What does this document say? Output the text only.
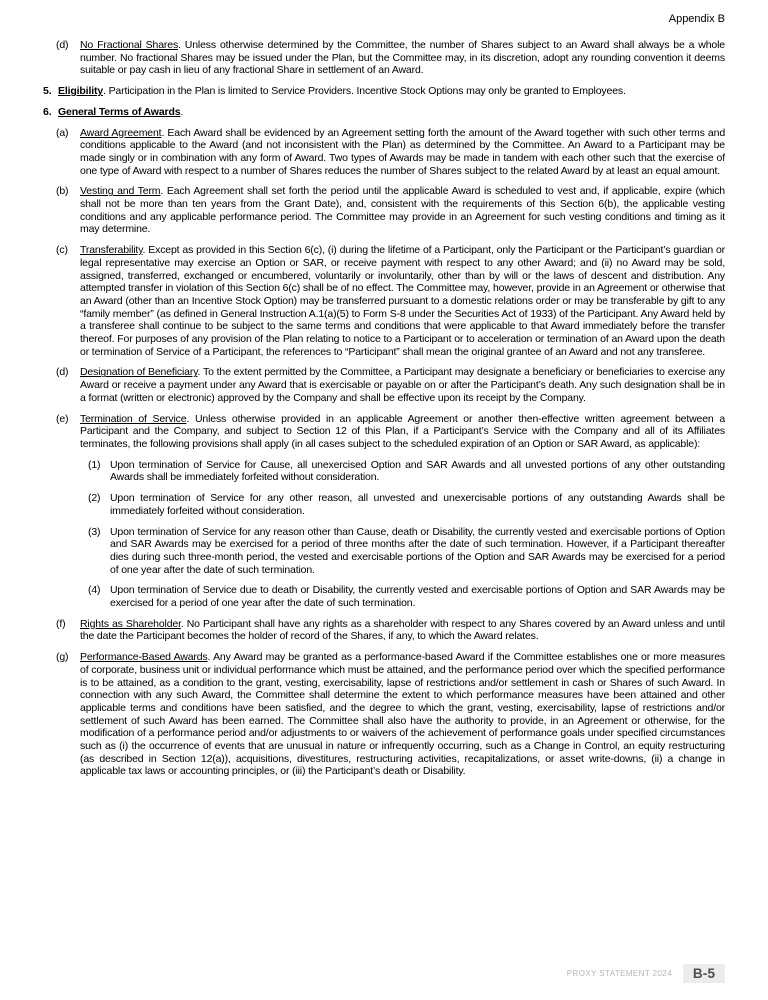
Appendix B
(d)	No Fractional Shares. Unless otherwise determined by the Committee, the number of Shares subject to an Award shall always be a whole number. No fractional Shares may be issued under the Plan, but the Committee may, in its discretion, adopt any rounding convention it deems suitable or pay cash in lieu of any fractional Share in settlement of an Award.
5. Eligibility. Participation in the Plan is limited to Service Providers. Incentive Stock Options may only be granted to Employees.
6. General Terms of Awards.
(a)	Award Agreement. Each Award shall be evidenced by an Agreement setting forth the amount of the Award together with such other terms and conditions applicable to the Award (and not inconsistent with the Plan) as determined by the Committee. An Award to a Participant may be made singly or in combination with any form of Award. Two types of Awards may be made in tandem with each other such that the exercise of one type of Award with respect to a number of Shares reduces the number of Shares subject to the related Award by at least an equal amount.
(b)	Vesting and Term. Each Agreement shall set forth the period until the applicable Award is scheduled to vest and, if applicable, expire (which shall not be more than ten years from the Grant Date), and, consistent with the requirements of this Section 6(b), the applicable vesting conditions and any applicable performance period. The Committee may provide in an Agreement for such vesting conditions and timing as it may determine.
(c)	Transferability. Except as provided in this Section 6(c), (i) during the lifetime of a Participant, only the Participant or the Participant’s guardian or legal representative may exercise an Option or SAR, or receive payment with respect to any other Award; and (ii) no Award may be sold, assigned, transferred, exchanged or encumbered, voluntarily or involuntarily, other than by will or the laws of descent and distribution. Any attempted transfer in violation of this Section 6(c) shall be of no effect. The Committee may, however, provide in an Agreement or otherwise that an Award (other than an Incentive Stock Option) may be transferred pursuant to a domestic relations order or may be transferable by gift to any “family member” (as defined in General Instruction A.1(a)(5) to Form S-8 under the Securities Act of 1933) of the Participant. Any Award held by a transferee shall continue to be subject to the same terms and conditions that were applicable to that Award immediately before the transfer thereof. For purposes of any provision of the Plan relating to notice to a Participant or to acceleration or termination of an Award upon the death or termination of Service of a Participant, the references to “Participant” shall mean the original grantee of an Award and not any transferee.
(d)	Designation of Beneficiary. To the extent permitted by the Committee, a Participant may designate a beneficiary or beneficiaries to exercise any Award or receive a payment under any Award that is exercisable or payable on or after the Participant’s death. Any such designation shall be in a format (written or electronic) approved by the Company and shall be effective upon its receipt by the Company.
(e)	Termination of Service. Unless otherwise provided in an applicable Agreement or another then-effective written agreement between a Participant and the Company, and subject to Section 12 of this Plan, if a Participant’s Service with the Company and all of its Affiliates terminates, the following provisions shall apply (in all cases subject to the scheduled expiration of an Option or SAR Award, as applicable):
(1) Upon termination of Service for Cause, all unexercised Option and SAR Awards and all unvested portions of any other outstanding Awards shall be immediately forfeited without consideration.
(2) Upon termination of Service for any other reason, all unvested and unexercisable portions of any outstanding Awards shall be immediately forfeited without consideration.
(3) Upon termination of Service for any reason other than Cause, death or Disability, the currently vested and exercisable portions of Option and SAR Awards may be exercised for a period of three months after the date of such termination. However, if a Participant thereafter dies during such three-month period, the vested and exercisable portions of the Option and SAR Awards may be exercised for a period of one year after the date of such termination.
(4) Upon termination of Service due to death or Disability, the currently vested and exercisable portions of Option and SAR Awards may be exercised for a period of one year after the date of such termination.
(f)	Rights as Shareholder. No Participant shall have any rights as a shareholder with respect to any Shares covered by an Award unless and until the date the Participant becomes the holder of record of the Shares, if any, to which the Award relates.
(g)	Performance-Based Awards. Any Award may be granted as a performance-based Award if the Committee establishes one or more measures of corporate, business unit or individual performance which must be attained, and the performance period over which the specified performance is to be attained, as a condition to the grant, vesting, exercisability, lapse of restrictions and/or settlement in cash or Shares of such Award. In connection with any such Award, the Committee shall determine the extent to which performance measures have been attained and other applicable terms and conditions have been satisfied, and the degree to which the grant, vesting, exercisability, lapse of restrictions and/or settlement of such Award has been earned. The Committee shall also have the authority to provide, in an Agreement or otherwise, for the modification of a performance period and/or adjustments to or waivers of the achievement of performance goals under specified circumstances such as (i) the occurrence of events that are unusual in nature or infrequently occurring, such as a Change in Control, an equity restructuring (as described in Section 12(a)), acquisitions, divestitures, restructuring activities, recapitalizations, or asset write-downs, (ii) a change in applicable tax laws or accounting principles, or (iii) the Participant’s death or Disability.
PROXY STATEMENT 2024	B-5
